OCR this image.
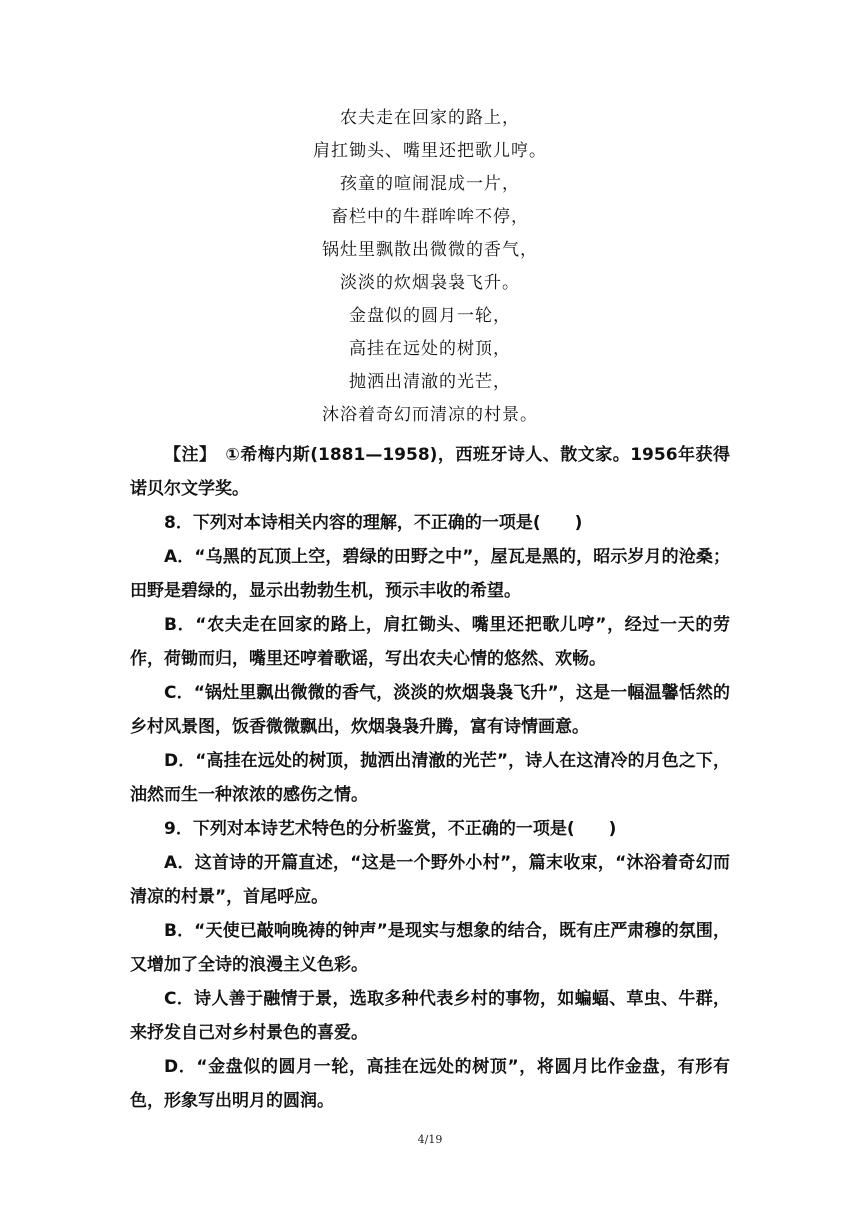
农夫走在回家的路上，
肩扛锄头、嘴里还把歌儿哼。
孩童的喧闹混成一片，
畜栏中的牛群哞哞不停，
锅灶里飘散出微微的香气，
淡淡的炊烟袅袅飞升。
金盘似的圆月一轮，
高挂在远处的树顶，
抛洒出清澈的光芒，
沐浴着奇幻而清凉的村景。

【注】　①希梅内斯(1881—1958)，西班牙诗人、散文家。1956年获得诺贝尔文学奖。

8．下列对本诗相关内容的理解，不正确的一项是(　　)

A．“乌黑的瓦顶上空，碧绿的田野之中”，屋瓦是黑的，昭示岁月的沧桑；田野是碧绿的，显示出勃勃生机，预示丰收的希望。

B．“农夫走在回家的路上，肩扛锄头、嘴里还把歌儿哼”，经过一天的劳作，荷锄而归，嘴里还哼着歌谣，写出农夫心情的悠然、欢畅。

C．“锅灶里飘出微微的香气，淡淡的炊烟袅袅飞升”，这是一幅温馨恬然的乡村风景图，饭香微微飘出，炊烟袅袅升腾，富有诗情画意。

D．“高挂在远处的树顶，抛洒出清澈的光芒”，诗人在这清冷的月色之下，油然而生一种浓浓的感伤之情。

9．下列对本诗艺术特色的分析鉴赏，不正确的一项是(　　)

A．这首诗的开篇直述，“这是一个野外小村”，篇末收束，“沐浴着奇幻而清凉的村景”，首尾呼应。

B．“天使已敲响晚祷的钟声”是现实与想象的结合，既有庄严肃穆的氛围，又增加了全诗的浪漫主义色彩。

C．诗人善于融情于景，选取多种代表乡村的事物，如蝙蝠、草虫、牛群，来抒发自己对乡村景色的喜爱。

D．“金盘似的圆月一轮，高挂在远处的树顶”，将圆月比作金盘，有形有色，形象写出明月的圆润。

4/19
